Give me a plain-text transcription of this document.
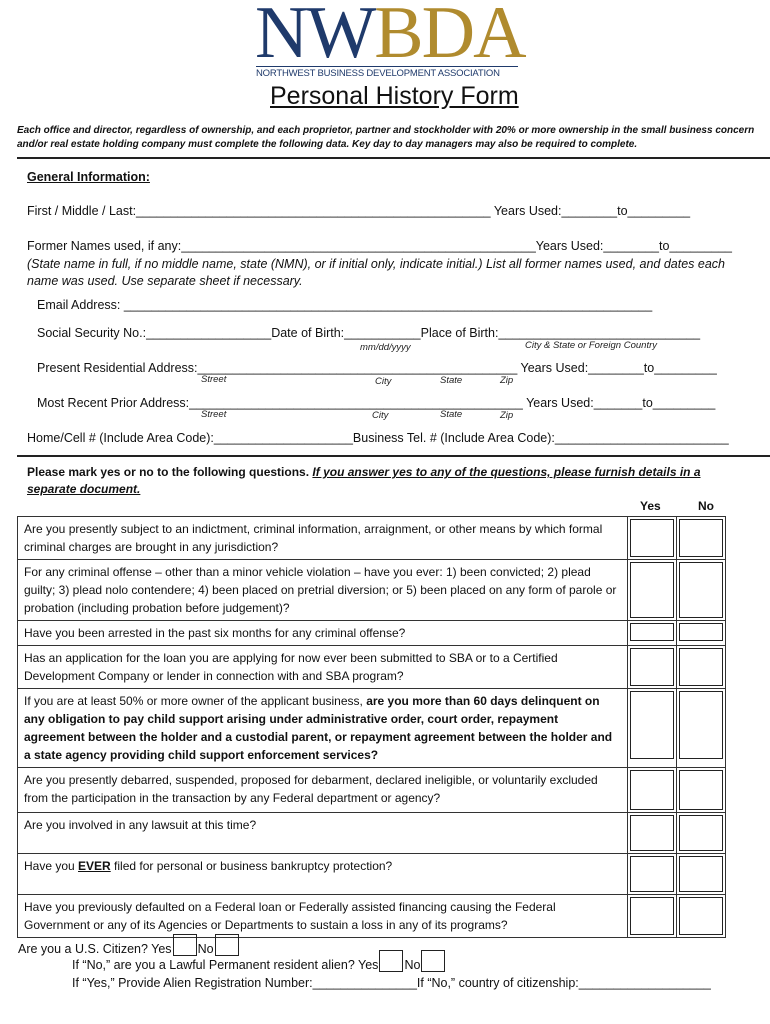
NWBDA
NORTHWEST BUSINESS DEVELOPMENT ASSOCIATION
Personal History Form
Each office and director, regardless of ownership, and each proprietor, partner and stockholder with 20% or more ownership in the small business concern and/or real estate holding company must complete the following data. Key day to day managers may also be required to complete.
General Information:
First / Middle / Last:___________________________________________________ Years Used:________to_________
Former Names used, if any:___________________________________________________Years Used:________to_________
(State name in full, if no middle name, state (NMN), or if initial only, indicate initial.) List all former names used, and dates each name was used. Use separate sheet if necessary.
Email Address: ____________________________________________________________________________
Social Security No.:__________________Date of Birth:___________Place of Birth:_____________________________
mm/dd/yyyy	City & State or Foreign Country
Present Residential Address:______________________________________________ Years Used:________to_________
Street	City	State	Zip
Most Recent Prior Address:________________________________________________ Years Used:_______to_________
Street	City	State	Zip
Home/Cell # (Include Area Code):____________________Business Tel. # (Include Area Code):_________________________
Please mark yes or no to the following questions. If you answer yes to any of the questions, please furnish details in a separate document.
Yes	No
Are you presently subject to an indictment, criminal information, arraignment, or other means by which formal criminal charges are brought in any jurisdiction?	

For any criminal offense – other than a minor vehicle violation – have you ever: 1) been convicted; 2) plead guilty; 3) plead nolo contendere; 4) been placed on pretrial diversion; or 5) been placed on any form of parole or probation (including probation before judgement)?	

Have you been arrested in the past six months for any criminal offense?	

Has an application for the loan you are applying for now ever been submitted to SBA or to a Certified Development Company or lender in connection with and SBA program?	

If you are at least 50% or more owner of the applicant business, are you more than 60 days delinquent on any obligation to pay child support arising under administrative order, court order, repayment agreement between the holder and a custodial parent, or repayment agreement between the holder and a state agency providing child support enforcement services?	

Are you presently debarred, suspended, proposed for debarment, declared ineligible, or voluntarily excluded from the participation in the transaction by any Federal department or agency?	

Are you involved in any lawsuit at this time?	

Have you EVER filed for personal or business bankruptcy protection?	

Have you previously defaulted on a Federal loan or Federally assisted financing causing the Federal Government or any of its Agencies or Departments to sustain a loss in any of its programs?	

Are you a U.S. Citizen? Yes No
If “No,” are you a Lawful Permanent resident alien? Yes No
If “Yes,” Provide Alien Registration Number:_______________If “No,” country of citizenship:___________________
